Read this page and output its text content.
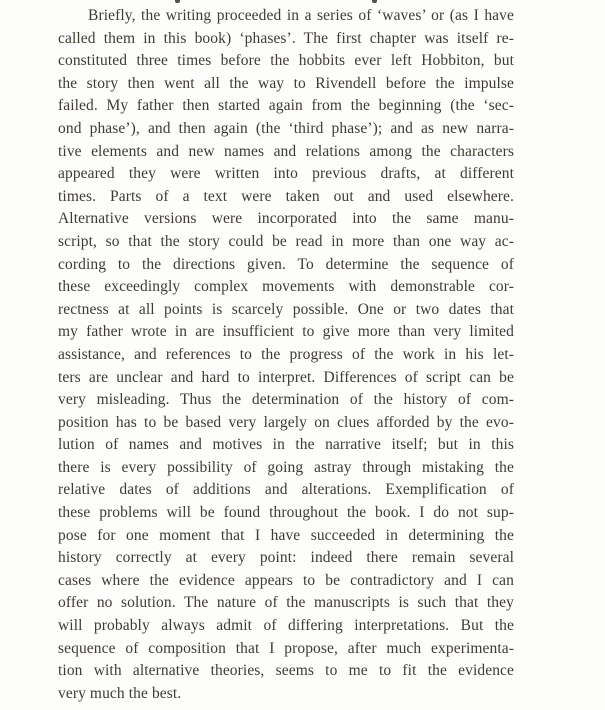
Briefly, the writing proceeded in a series of ‘waves’ or (as I have
called them in this book) ‘phases’. The first chapter was itself re-
constituted three times before the hobbits ever left Hobbiton, but
the story then went all the way to Rivendell before the impulse
failed. My father then started again from the beginning (the ‘sec-
ond phase’), and then again (the ‘third phase’); and as new narra-
tive elements and new names and relations among the characters
appeared they were written into previous drafts, at different
times. Parts of a text were taken out and used elsewhere.
Alternative versions were incorporated into the same manu-
script, so that the story could be read in more than one way ac-
cording to the directions given. To determine the sequence of
these exceedingly complex movements with demonstrable cor-
rectness at all points is scarcely possible. One or two dates that
my father wrote in are insufficient to give more than very limited
assistance, and references to the progress of the work in his let-
ters are unclear and hard to interpret. Differences of script can be
very misleading. Thus the determination of the history of com-
position has to be based very largely on clues afforded by the evo-
lution of names and motives in the narrative itself; but in this
there is every possibility of going astray through mistaking the
relative dates of additions and alterations. Exemplification of
these problems will be found throughout the book. I do not sup-
pose for one moment that I have succeeded in determining the
history correctly at every point: indeed there remain several
cases where the evidence appears to be contradictory and I can
offer no solution. The nature of the manuscripts is such that they
will probably always admit of differing interpretations. But the
sequence of composition that I propose, after much experimenta-
tion with alternative theories, seems to me to fit the evidence
very much the best.
